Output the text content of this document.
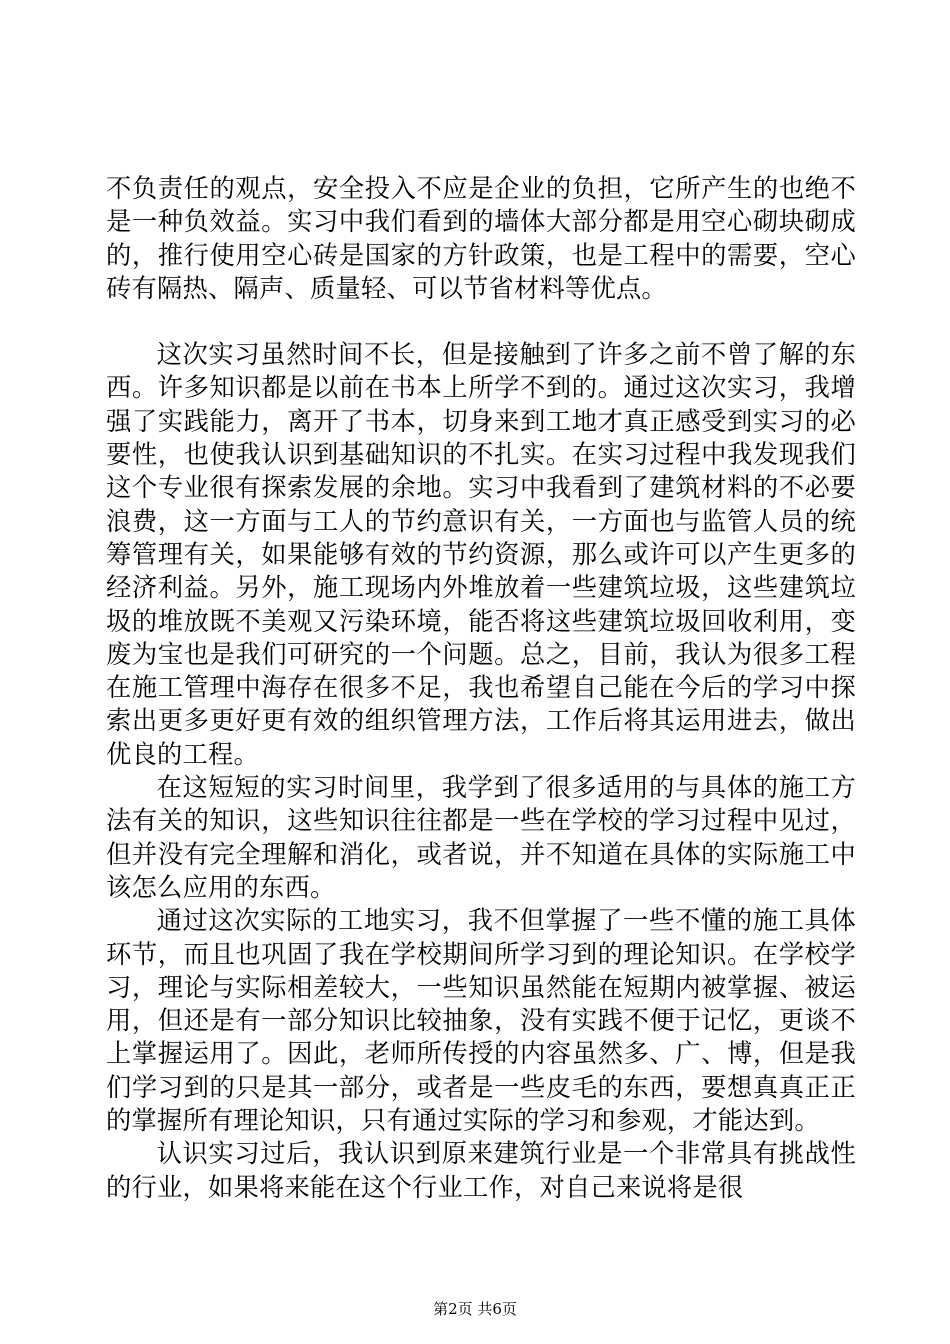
不负责任的观点，安全投入不应是企业的负担，它所产生的也绝不是一种负效益。实习中我们看到的墙体大部分都是用空心砌块砌成的，推行使用空心砖是国家的方针政策，也是工程中的需要，空心砖有隔热、隔声、质量轻、可以节省材料等优点。

这次实习虽然时间不长，但是接触到了许多之前不曾了解的东西。许多知识都是以前在书本上所学不到的。通过这次实习，我增强了实践能力，离开了书本，切身来到工地才真正感受到实习的必要性，也使我认识到基础知识的不扎实。在实习过程中我发现我们这个专业很有探索发展的余地。实习中我看到了建筑材料的不必要浪费，这一方面与工人的节约意识有关，一方面也与监管人员的统筹管理有关，如果能够有效的节约资源，那么或许可以产生更多的经济利益。另外，施工现场内外堆放着一些建筑垃圾，这些建筑垃圾的堆放既不美观又污染环境，能否将这些建筑垃圾回收利用，变废为宝也是我们可研究的一个问题。总之，目前，我认为很多工程在施工管理中海存在很多不足，我也希望自己能在今后的学习中探索出更多更好更有效的组织管理方法，工作后将其运用进去，做出优良的工程。

在这短短的实习时间里，我学到了很多适用的与具体的施工方法有关的知识，这些知识往往都是一些在学校的学习过程中见过，但并没有完全理解和消化，或者说，并不知道在具体的实际施工中该怎么应用的东西。

通过这次实际的工地实习，我不但掌握了一些不懂的施工具体环节，而且也巩固了我在学校期间所学习到的理论知识。在学校学习，理论与实际相差较大，一些知识虽然能在短期内被掌握、被运用，但还是有一部分知识比较抽象，没有实践不便于记忆，更谈不上掌握运用了。因此，老师所传授的内容虽然多、广、博，但是我们学习到的只是其一部分，或者是一些皮毛的东西，要想真真正正的掌握所有理论知识，只有通过实际的学习和参观，才能达到。

认识实习过后，我认识到原来建筑行业是一个非常具有挑战性的行业，如果将来能在这个行业工作，对自己来说将是很

第2页 共6页
